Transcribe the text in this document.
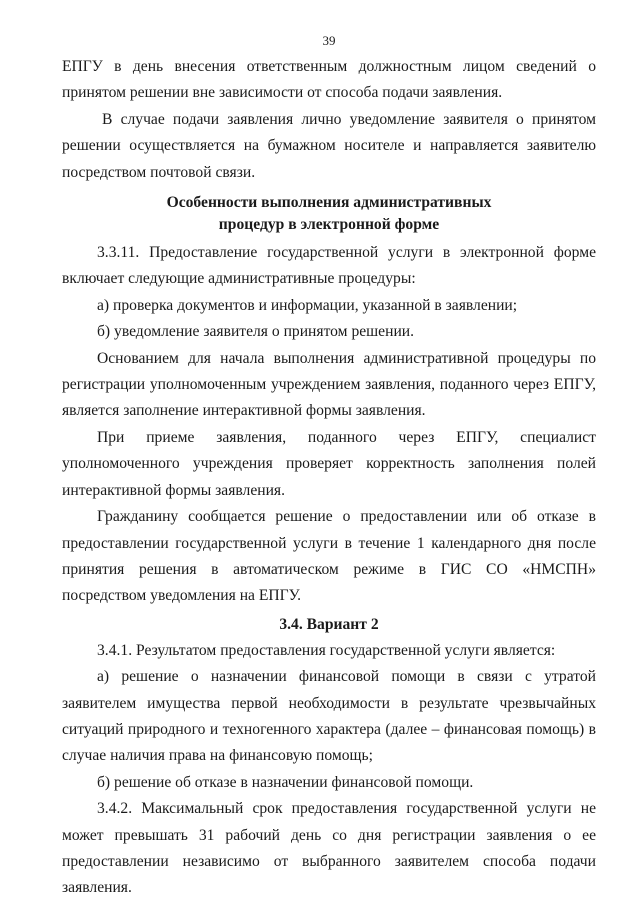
39

ЕПГУ в день внесения ответственным должностным лицом сведений о принятом решении вне зависимости от способа подачи заявления.

В случае подачи заявления лично уведомление заявителя о принятом решении осуществляется на бумажном носителе и направляется заявителю посредством почтовой связи.

Особенности выполнения административных

процедур в электронной форме

3.3.11. Предоставление государственной услуги в электронной форме включает следующие административные процедуры:

а) проверка документов и информации, указанной в заявлении;

б) уведомление заявителя о принятом решении.

Основанием для начала выполнения административной процедуры по регистрации уполномоченным учреждением заявления, поданного через ЕПГУ, является заполнение интерактивной формы заявления.

При приеме заявления, поданного через ЕПГУ, специалист уполномоченного учреждения проверяет корректность заполнения полей интерактивной формы заявления.

Гражданину сообщается решение о предоставлении или об отказе в предоставлении государственной услуги в течение 1 календарного дня после принятия решения в автоматическом режиме в ГИС СО «НМСПН» посредством уведомления на ЕПГУ.

3.4. Вариант 2

3.4.1. Результатом предоставления государственной услуги является:

а) решение о назначении финансовой помощи в связи с утратой заявителем имущества первой необходимости в результате чрезвычайных ситуаций природного и техногенного характера (далее – финансовая помощь) в случае наличия права на финансовую помощь;

б) решение об отказе в назначении финансовой помощи.

3.4.2. Максимальный срок предоставления государственной услуги не может превышать 31 рабочий день со дня регистрации заявления о ее предоставлении независимо от выбранного заявителем способа подачи заявления.
